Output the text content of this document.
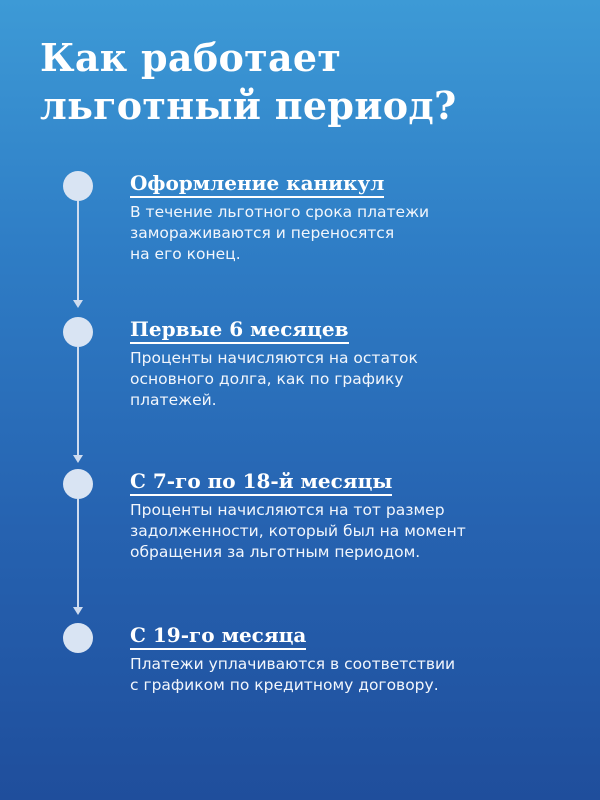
Как работает
льготный период?
Оформление каникул

В течение льготного срока платежи
замораживаются и переносятся
на его конец.

Первые 6 месяцев

Проценты начисляются на остаток
основного долга, как по графику
платежей.

С 7-го по 18-й месяцы

Проценты начисляются на тот размер
задолженности, который был на момент
обращения за льготным периодом.

С 19-го месяца

Платежи уплачиваются в соответствии
с графиком по кредитному договору.
